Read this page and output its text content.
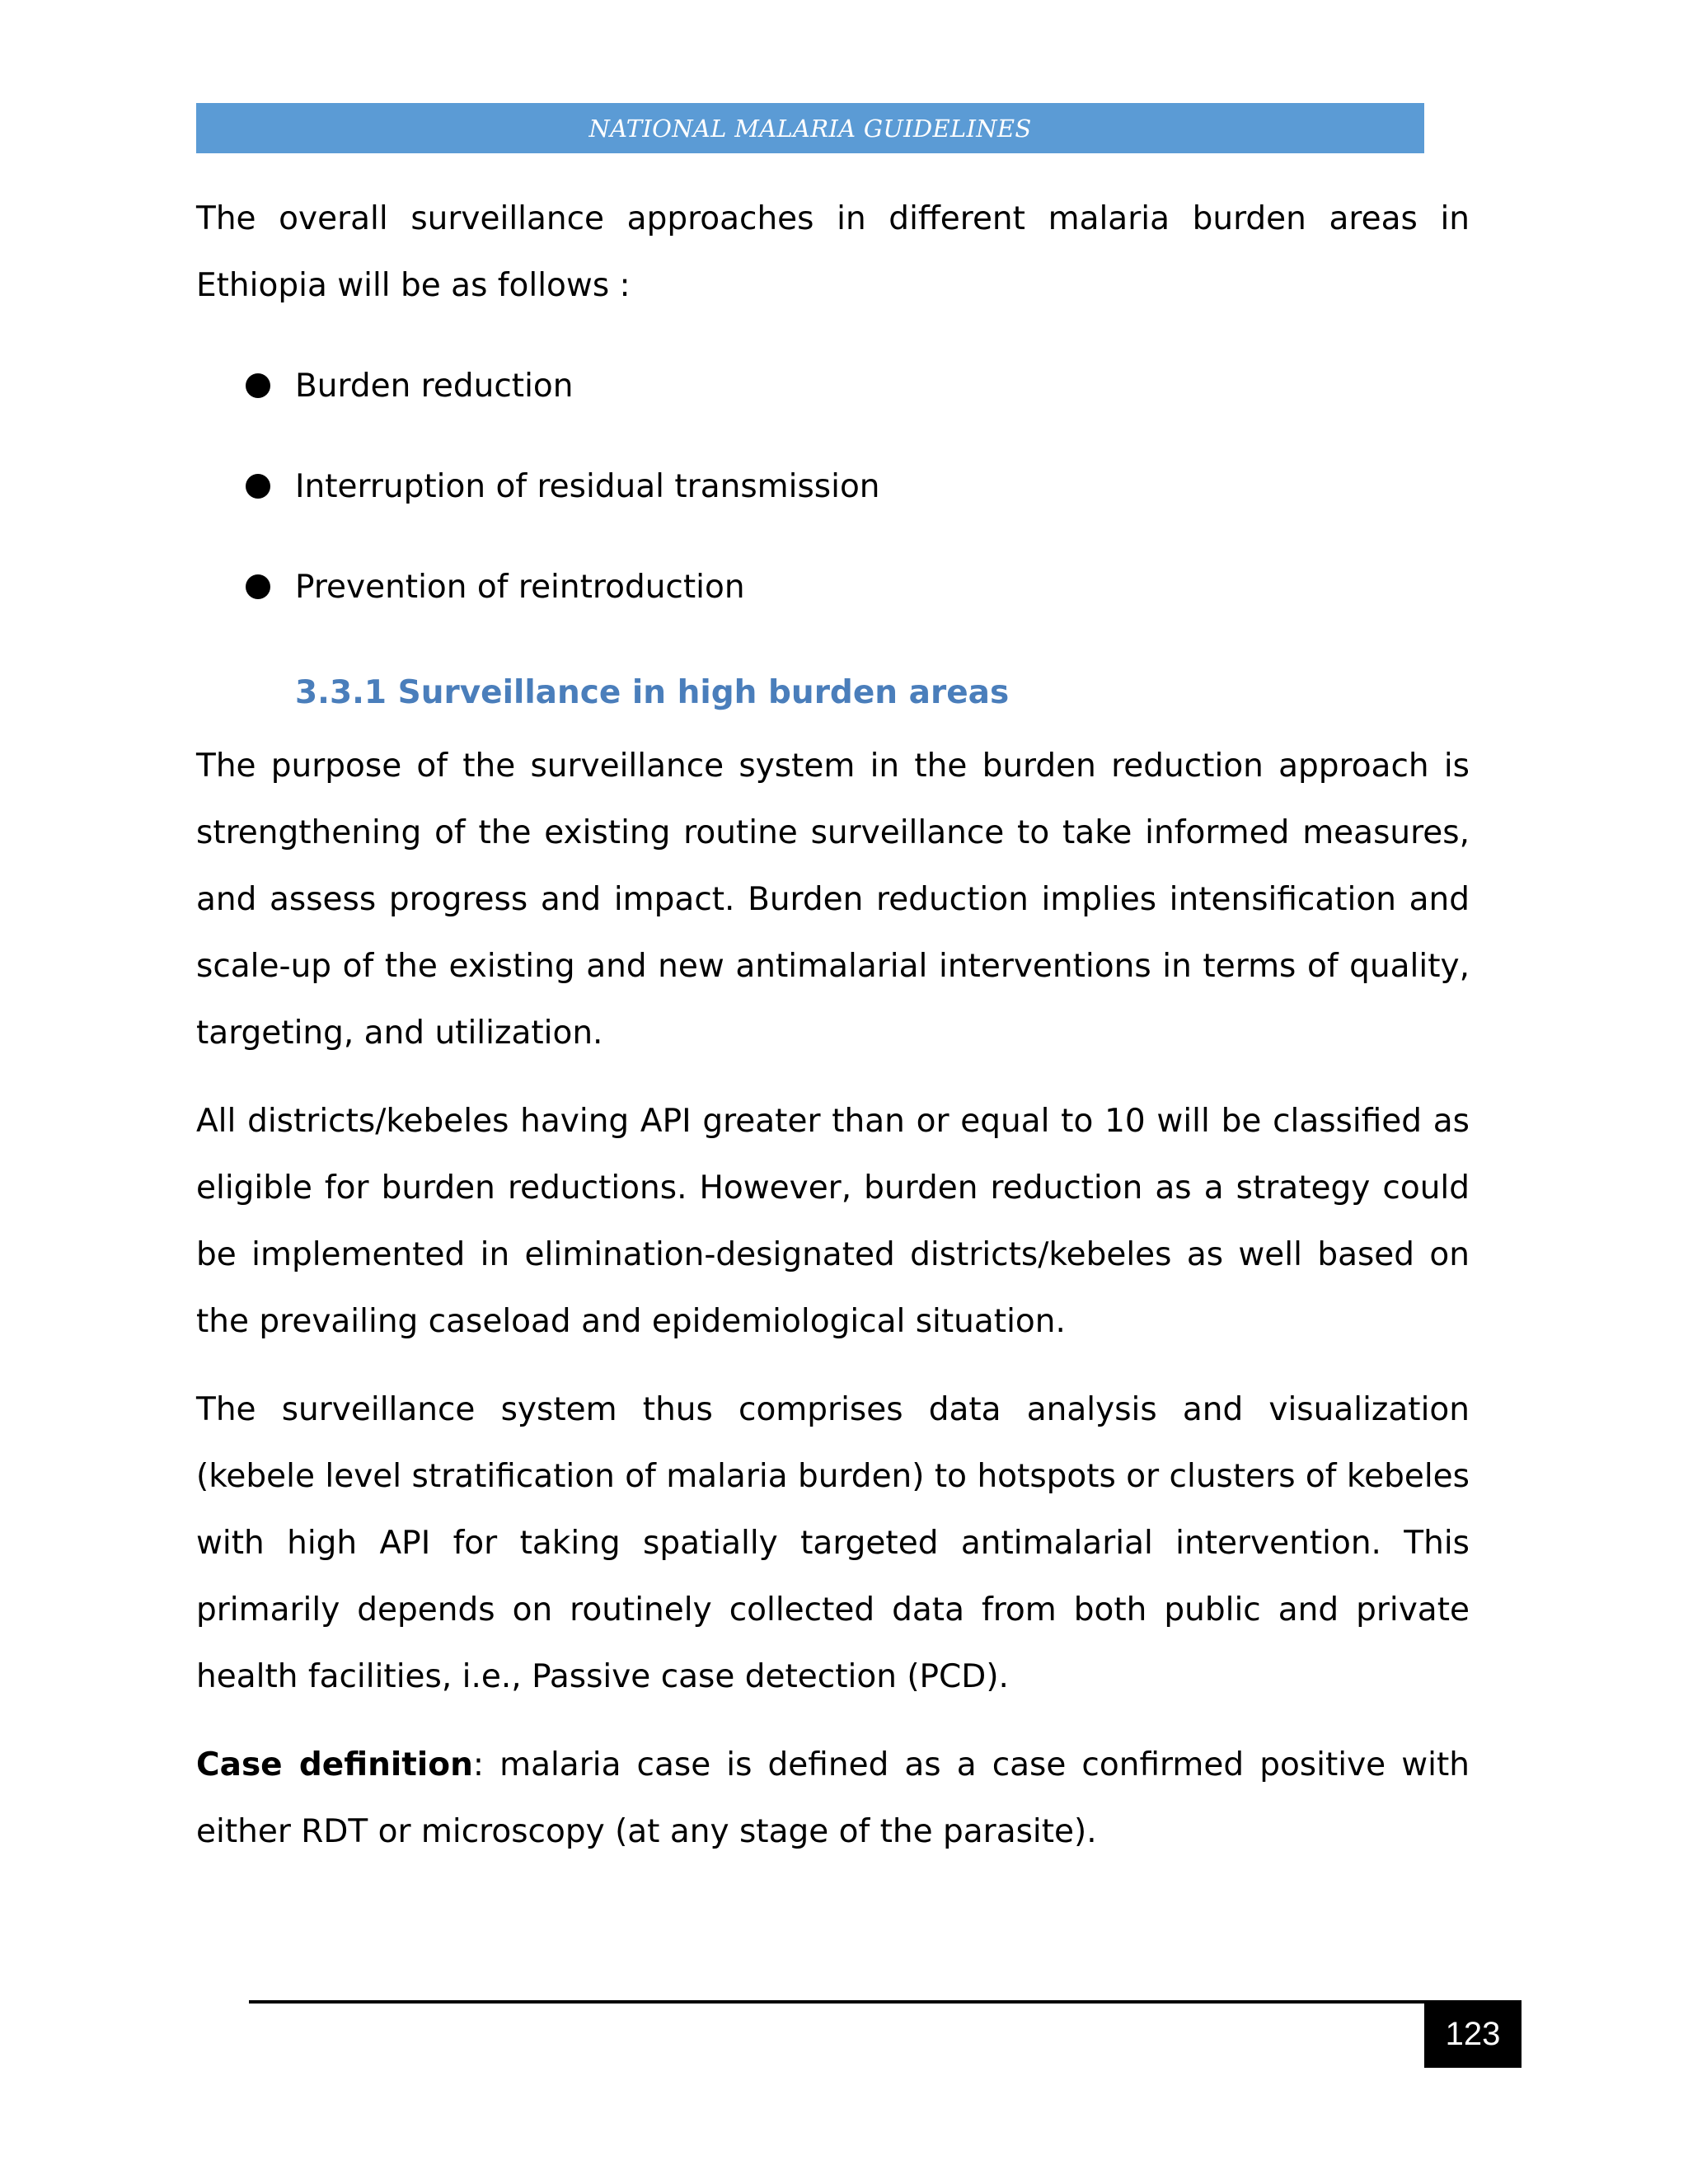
NATIONAL MALARIA GUIDELINES

The overall surveillance approaches in different malaria burden areas in Ethiopia will be as follows :

Burden reduction
Interruption of residual transmission
Prevention of reintroduction
3.3.1 Surveillance in high burden areas

The purpose of the surveillance system in the burden reduction approach is strengthening of the existing routine surveillance to take informed measures, and assess progress and impact. Burden reduction implies intensification and scale-up of the existing and new antimalarial interventions in terms of quality, targeting, and utilization.

All districts/kebeles having API greater than or equal to 10 will be classified as eligible for burden reductions. However, burden reduction as a strategy could be implemented in elimination-designated districts/kebeles as well based on the prevailing caseload and epidemiological situation.

The surveillance system thus comprises data analysis and visualization (kebele level stratification of malaria burden) to hotspots or clusters of kebeles with high API for taking spatially targeted antimalarial intervention. This primarily depends on routinely collected data from both public and private health facilities, i.e., Passive case detection (PCD).

Case definition: malaria case is defined as a case confirmed positive with either RDT or microscopy (at any stage of the parasite).

123
